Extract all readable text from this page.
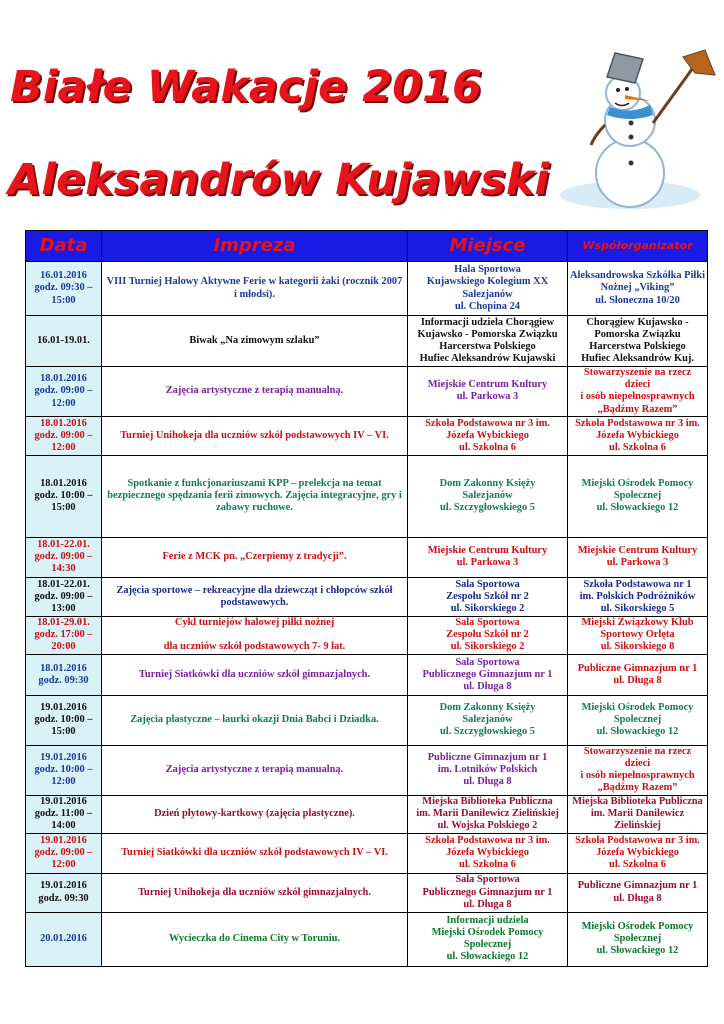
Białe Wakacje 2016
Aleksandrów Kujawski
Data	Impreza	Miejsce	Współorganizator
16.01.2016
godz. 09:30 –
15:00	VIII Turniej Halowy Aktywne Ferie w kategorii żaki (rocznik 2007 i młodsi).	Hala Sportowa
Kujawskiego Kolegium XX
Salezjanów
ul. Chopina 24	Aleksandrowska Szkółka Piłki
Nożnej „Viking”
ul. Słoneczna 10/20
16.01-19.01.	Biwak „Na zimowym szlaku”	Informacji udziela Chorągiew
Kujawsko - Pomorska Związku
Harcerstwa Polskiego
Hufiec Aleksandrów Kujawski	Chorągiew Kujawsko -
Pomorska Związku
Harcerstwa Polskiego
Hufiec Aleksandrów Kuj.
18.01.2016
godz. 09:00 –
12:00	Zajęcia artystyczne z terapią manualną.	Miejskie Centrum Kultury
ul. Parkowa 3	Stowarzyszenie na rzecz dzieci
i osób niepełnosprawnych
„Bądźmy Razem”
18.01.2016
godz. 09:00 –
12:00	Turniej Unihokeja dla uczniów szkół podstawowych IV – VI.	Szkoła Podstawowa nr 3 im.
Józefa Wybickiego
ul. Szkolna 6	Szkoła Podstawowa nr 3 im.
Józefa Wybickiego
ul. Szkolna 6
18.01.2016
godz. 10:00 –
15:00	Spotkanie z funkcjonariuszami KPP – prelekcja na temat bezpiecznego spędzania ferii zimowych. Zajęcia integracyjne, gry i zabawy ruchowe.	Dom Zakonny Księży
Salezjanów
ul. Szczygłowskiego 5	Miejski Ośrodek Pomocy
Społecznej
ul. Słowackiego 12
18.01-22.01.
godz. 09:00 –
14:30	Ferie z MCK pn. „Czerpiemy z tradycji”.	Miejskie Centrum Kultury
ul. Parkowa 3	Miejskie Centrum Kultury
ul. Parkowa 3
18.01-22.01.
godz. 09:00 –
13:00	Zajęcia sportowe – rekreacyjne dla dziewcząt i chłopców szkół podstawowych.	Sala Sportowa
Zespołu Szkół nr 2
ul. Sikorskiego 2	Szkoła Podstawowa nr 1
im. Polskich Podróżników
ul. Sikorskiego 5
18.01-29.01.
godz. 17:00 –
20:00	Cykl turniejów halowej piłki nożnej

dla uczniów szkół podstawowych 7- 9 lat.	Sala Sportowa
Zespołu Szkół nr 2
ul. Sikorskiego 2	Miejski Związkowy Klub
Sportowy Orlęta
ul. Sikorskiego 8
18.01.2016
godz. 09:30	Turniej Siatkówki dla uczniów szkół gimnazjalnych.	Sala Sportowa
Publicznego Gimnazjum nr 1
ul. Długa 8	Publiczne Gimnazjum nr 1
ul. Długa 8
19.01.2016
godz. 10:00 –
15:00	Zajęcia plastyczne – laurki okazji Dnia Babci i Dziadka.	Dom Zakonny Księży
Salezjanów
ul. Szczygłowskiego 5	Miejski Ośrodek Pomocy
Społecznej
ul. Słowackiego 12
19.01.2016
godz. 10:00 –
12:00	Zajęcia artystyczne z terapią manualną.	Publiczne Gimnazjum nr 1
im. Lotników Polskich
ul. Długa 8	Stowarzyszenie na rzecz dzieci
i osób niepełnosprawnych
„Bądźmy Razem”
19.01.2016
godz. 11:00 –
14:00	Dzień płytowy-kartkowy (zajęcia plastyczne).	Miejska Biblioteka Publiczna
im. Marii Danilewicz Zielińskiej
ul. Wojska Polskiego 2	Miejska Biblioteka Publiczna
im. Marii Danilewicz
Zielińskiej
19.01.2016
godz. 09:00 –
12:00	Turniej Siatkówki dla uczniów szkół podstawowych IV – VI.	Szkoła Podstawowa nr 3 im.
Józefa Wybickiego
ul. Szkolna 6	Szkoła Podstawowa nr 3 im.
Józefa Wybickiego
ul. Szkolna 6
19.01.2016
godz. 09:30	Turniej Unihokeja dla uczniów szkół gimnazjalnych.	Sala Sportowa
Publicznego Gimnazjum nr 1
ul. Długa 8	Publiczne Gimnazjum nr 1
ul. Długa 8
20.01.2016	Wycieczka do Cinema City w Toruniu.	Informacji udziela
Miejski Ośrodek Pomocy
Społecznej
ul. Słowackiego 12	Miejski Ośrodek Pomocy
Społecznej
ul. Słowackiego 12
